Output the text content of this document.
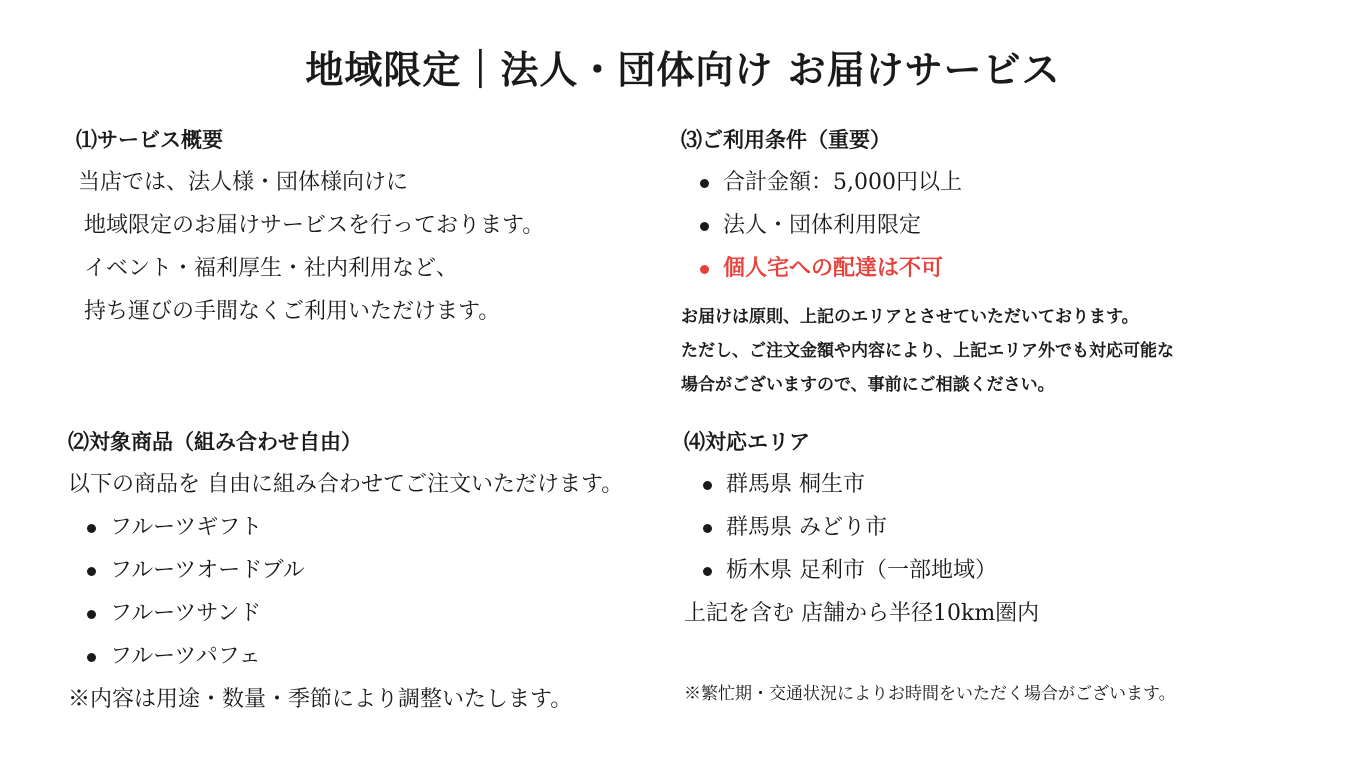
地域限定｜法人・団体向け お届けサービス
⑴サービス概要
当店では、法人様・団体様向けに
地域限定のお届けサービスを行っております。
イベント・福利厚生・社内利用など、
持ち運びの手間なくご利用いただけます。
⑵対象商品（組み合わせ自由）
以下の商品を 自由に組み合わせてご注文いただけます。
フルーツギフト
フルーツオードブル
フルーツサンド
フルーツパフェ
※内容は用途・数量・季節により調整いたします。
⑶ご利用条件（重要）
合計金額：5,000円以上
法人・団体利用限定
個人宅への配達は不可
お届けは原則、上記のエリアとさせていただいております。
ただし、ご注文金額や内容により、上記エリア外でも対応可能な
場合がございますので、事前にご相談ください。
⑷対応エリア
群馬県 桐生市
群馬県 みどり市
栃木県 足利市（一部地域）
上記を含む 店舗から半径10km圏内
※繁忙期・交通状況によりお時間をいただく場合がございます。
